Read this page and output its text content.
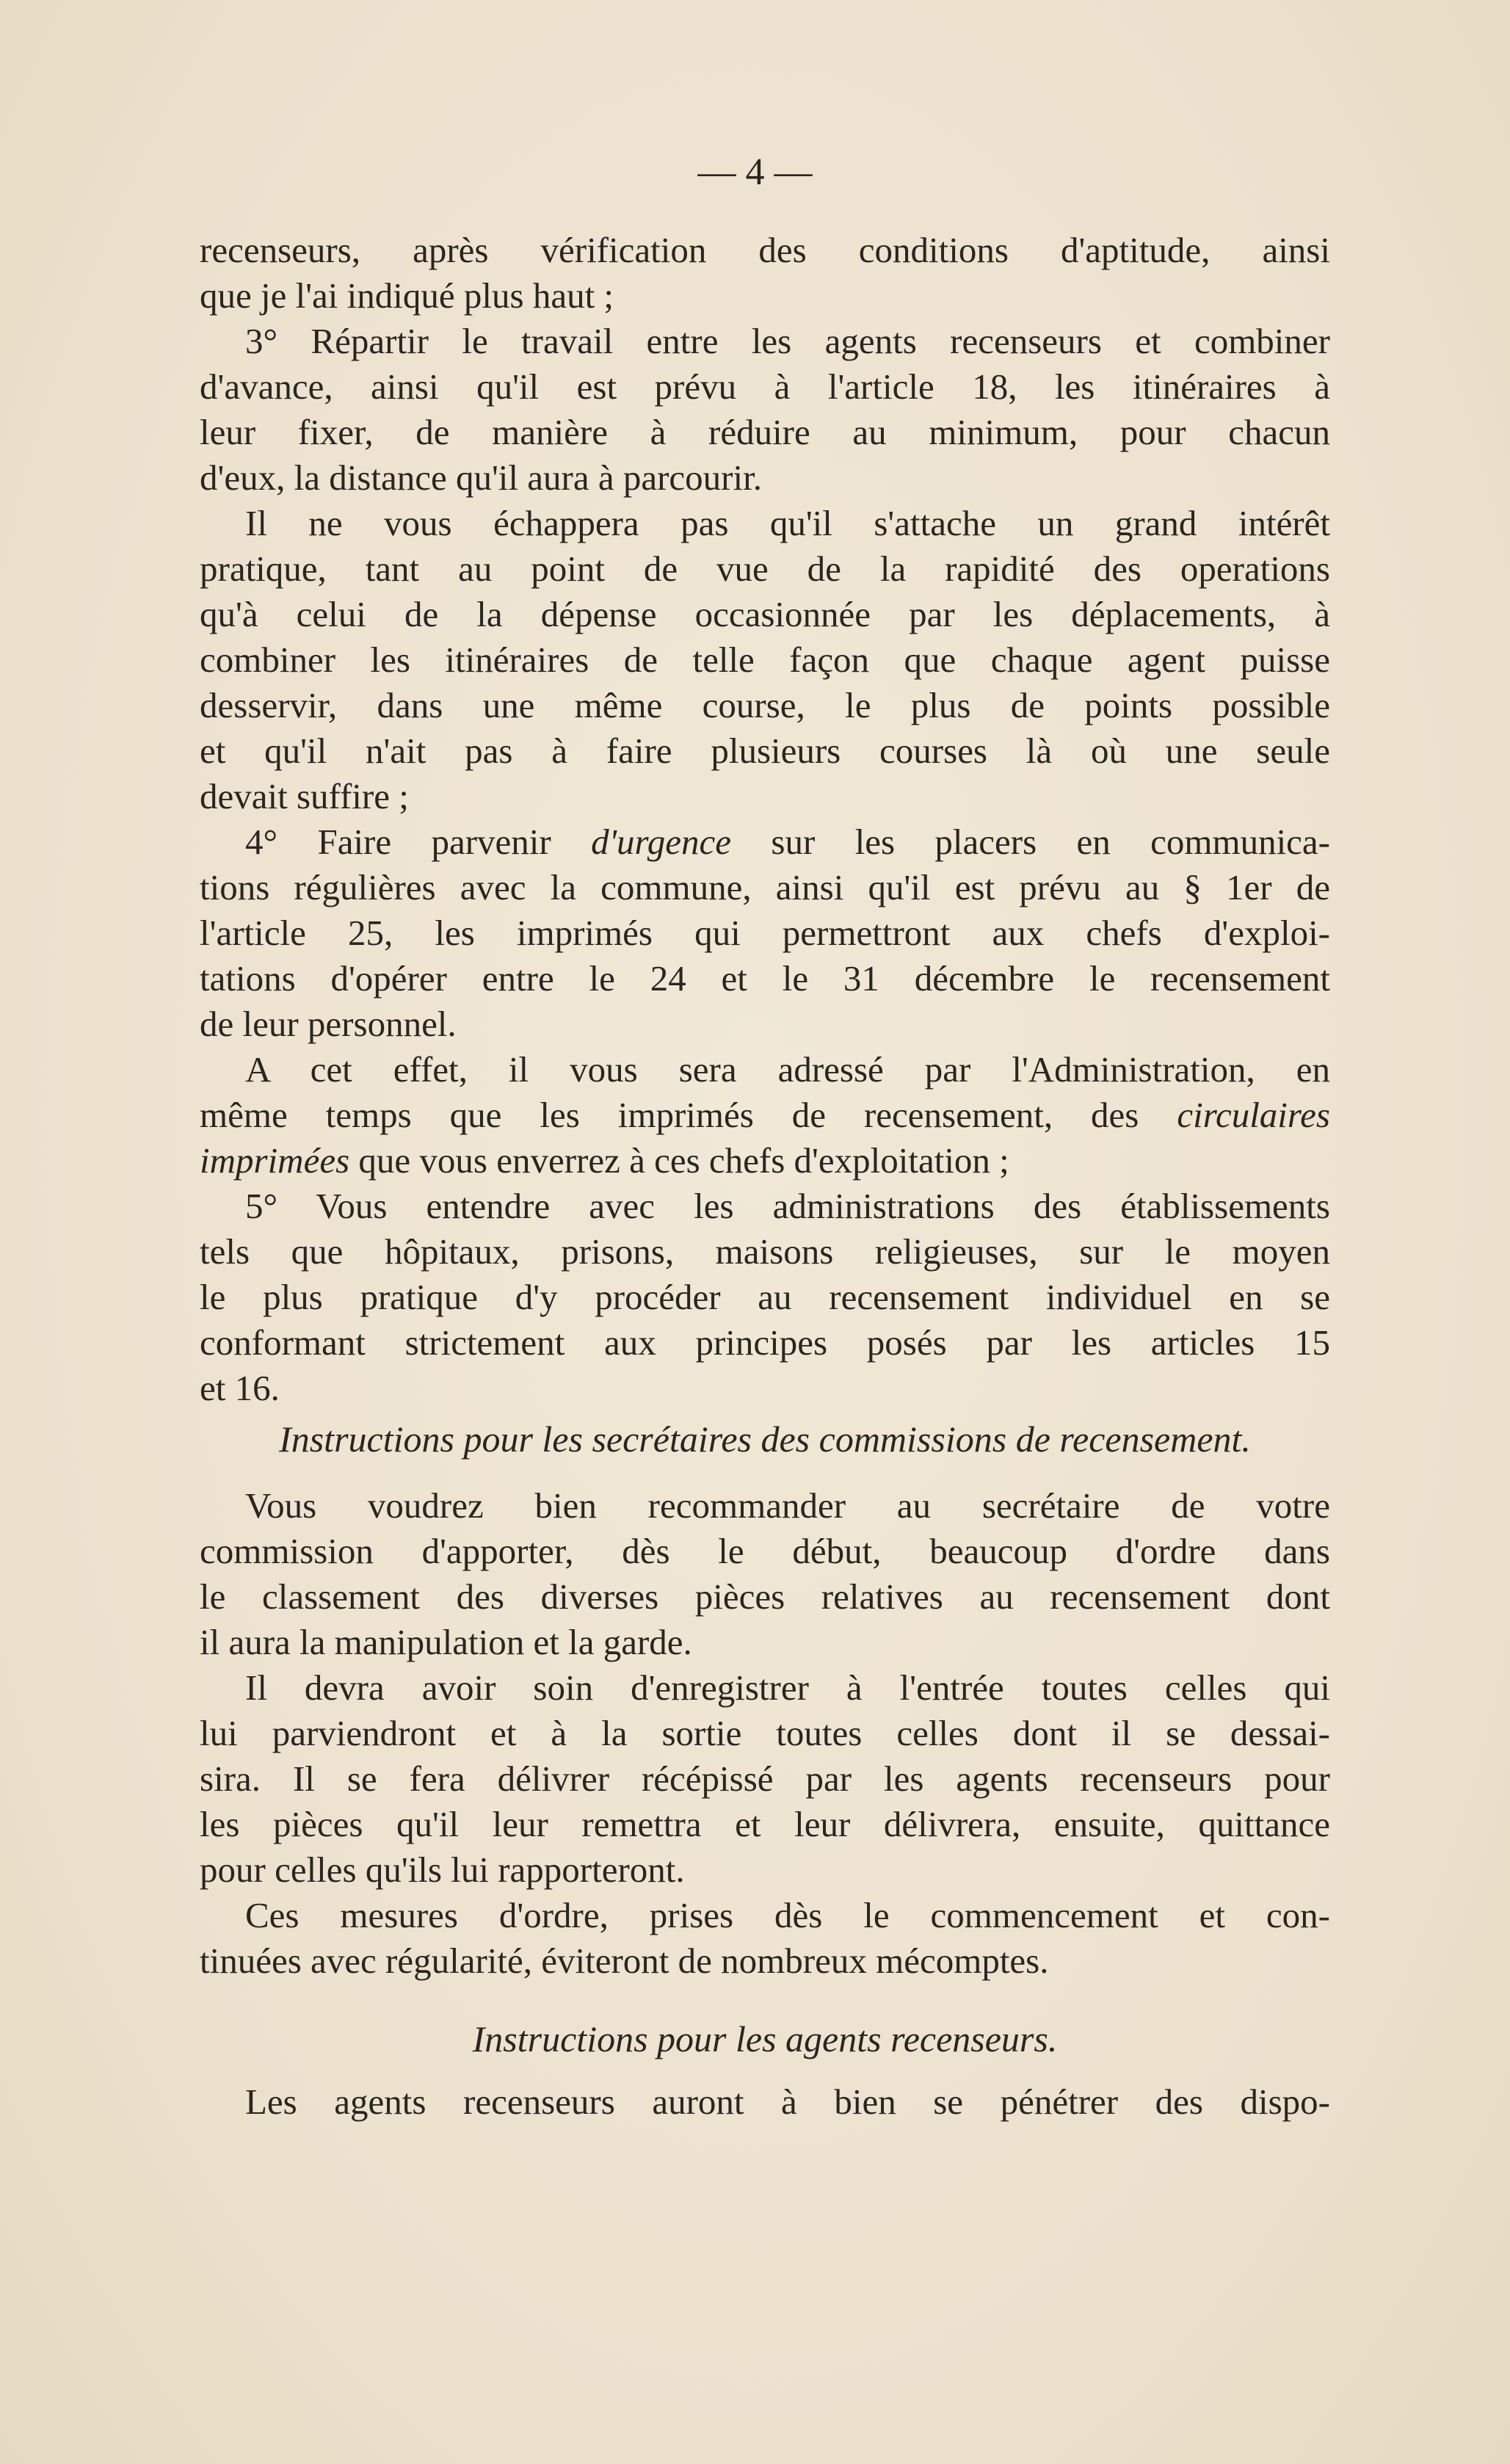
— 4 —
recenseurs, après vérification des conditions d'aptitude, ainsi
que je l'ai indiqué plus haut ;
3° Répartir le travail entre les agents recenseurs et combiner
d'avance, ainsi qu'il est prévu à l'article 18, les itinéraires à
leur fixer, de manière à réduire au minimum, pour chacun
d'eux, la distance qu'il aura à parcourir.
Il ne vous échappera pas qu'il s'attache un grand intérêt
pratique, tant au point de vue de la rapidité des operations
qu'à celui de la dépense occasionnée par les déplacements, à
combiner les itinéraires de telle façon que chaque agent puisse
desservir, dans une même course, le plus de points possible
et qu'il n'ait pas à faire plusieurs courses là où une seule
devait suffire ;
4° Faire parvenir d'urgence sur les placers en communica-
tions régulières avec la commune, ainsi qu'il est prévu au § 1er de
l'article 25, les imprimés qui permettront aux chefs d'exploi-
tations d'opérer entre le 24 et le 31 décembre le recensement
de leur personnel.
A cet effet, il vous sera adressé par l'Administration, en
même temps que les imprimés de recensement, des circulaires
imprimées que vous enverrez à ces chefs d'exploitation ;
5° Vous entendre avec les administrations des établissements
tels que hôpitaux, prisons, maisons religieuses, sur le moyen
le plus pratique d'y procéder au recensement individuel en se
conformant strictement aux principes posés par les articles 15
et 16.
Instructions pour les secrétaires des commissions de recensement.
Vous voudrez bien recommander au secrétaire de votre
commission d'apporter, dès le début, beaucoup d'ordre dans
le classement des diverses pièces relatives au recensement dont
il aura la manipulation et la garde.
Il devra avoir soin d'enregistrer à l'entrée toutes celles qui
lui parviendront et à la sortie toutes celles dont il se dessai-
sira. Il se fera délivrer récépissé par les agents recenseurs pour
les pièces qu'il leur remettra et leur délivrera, ensuite, quittance
pour celles qu'ils lui rapporteront.
Ces mesures d'ordre, prises dès le commencement et con-
tinuées avec régularité, éviteront de nombreux mécomptes.
Instructions pour les agents recenseurs.
Les agents recenseurs auront à bien se pénétrer des dispo-
